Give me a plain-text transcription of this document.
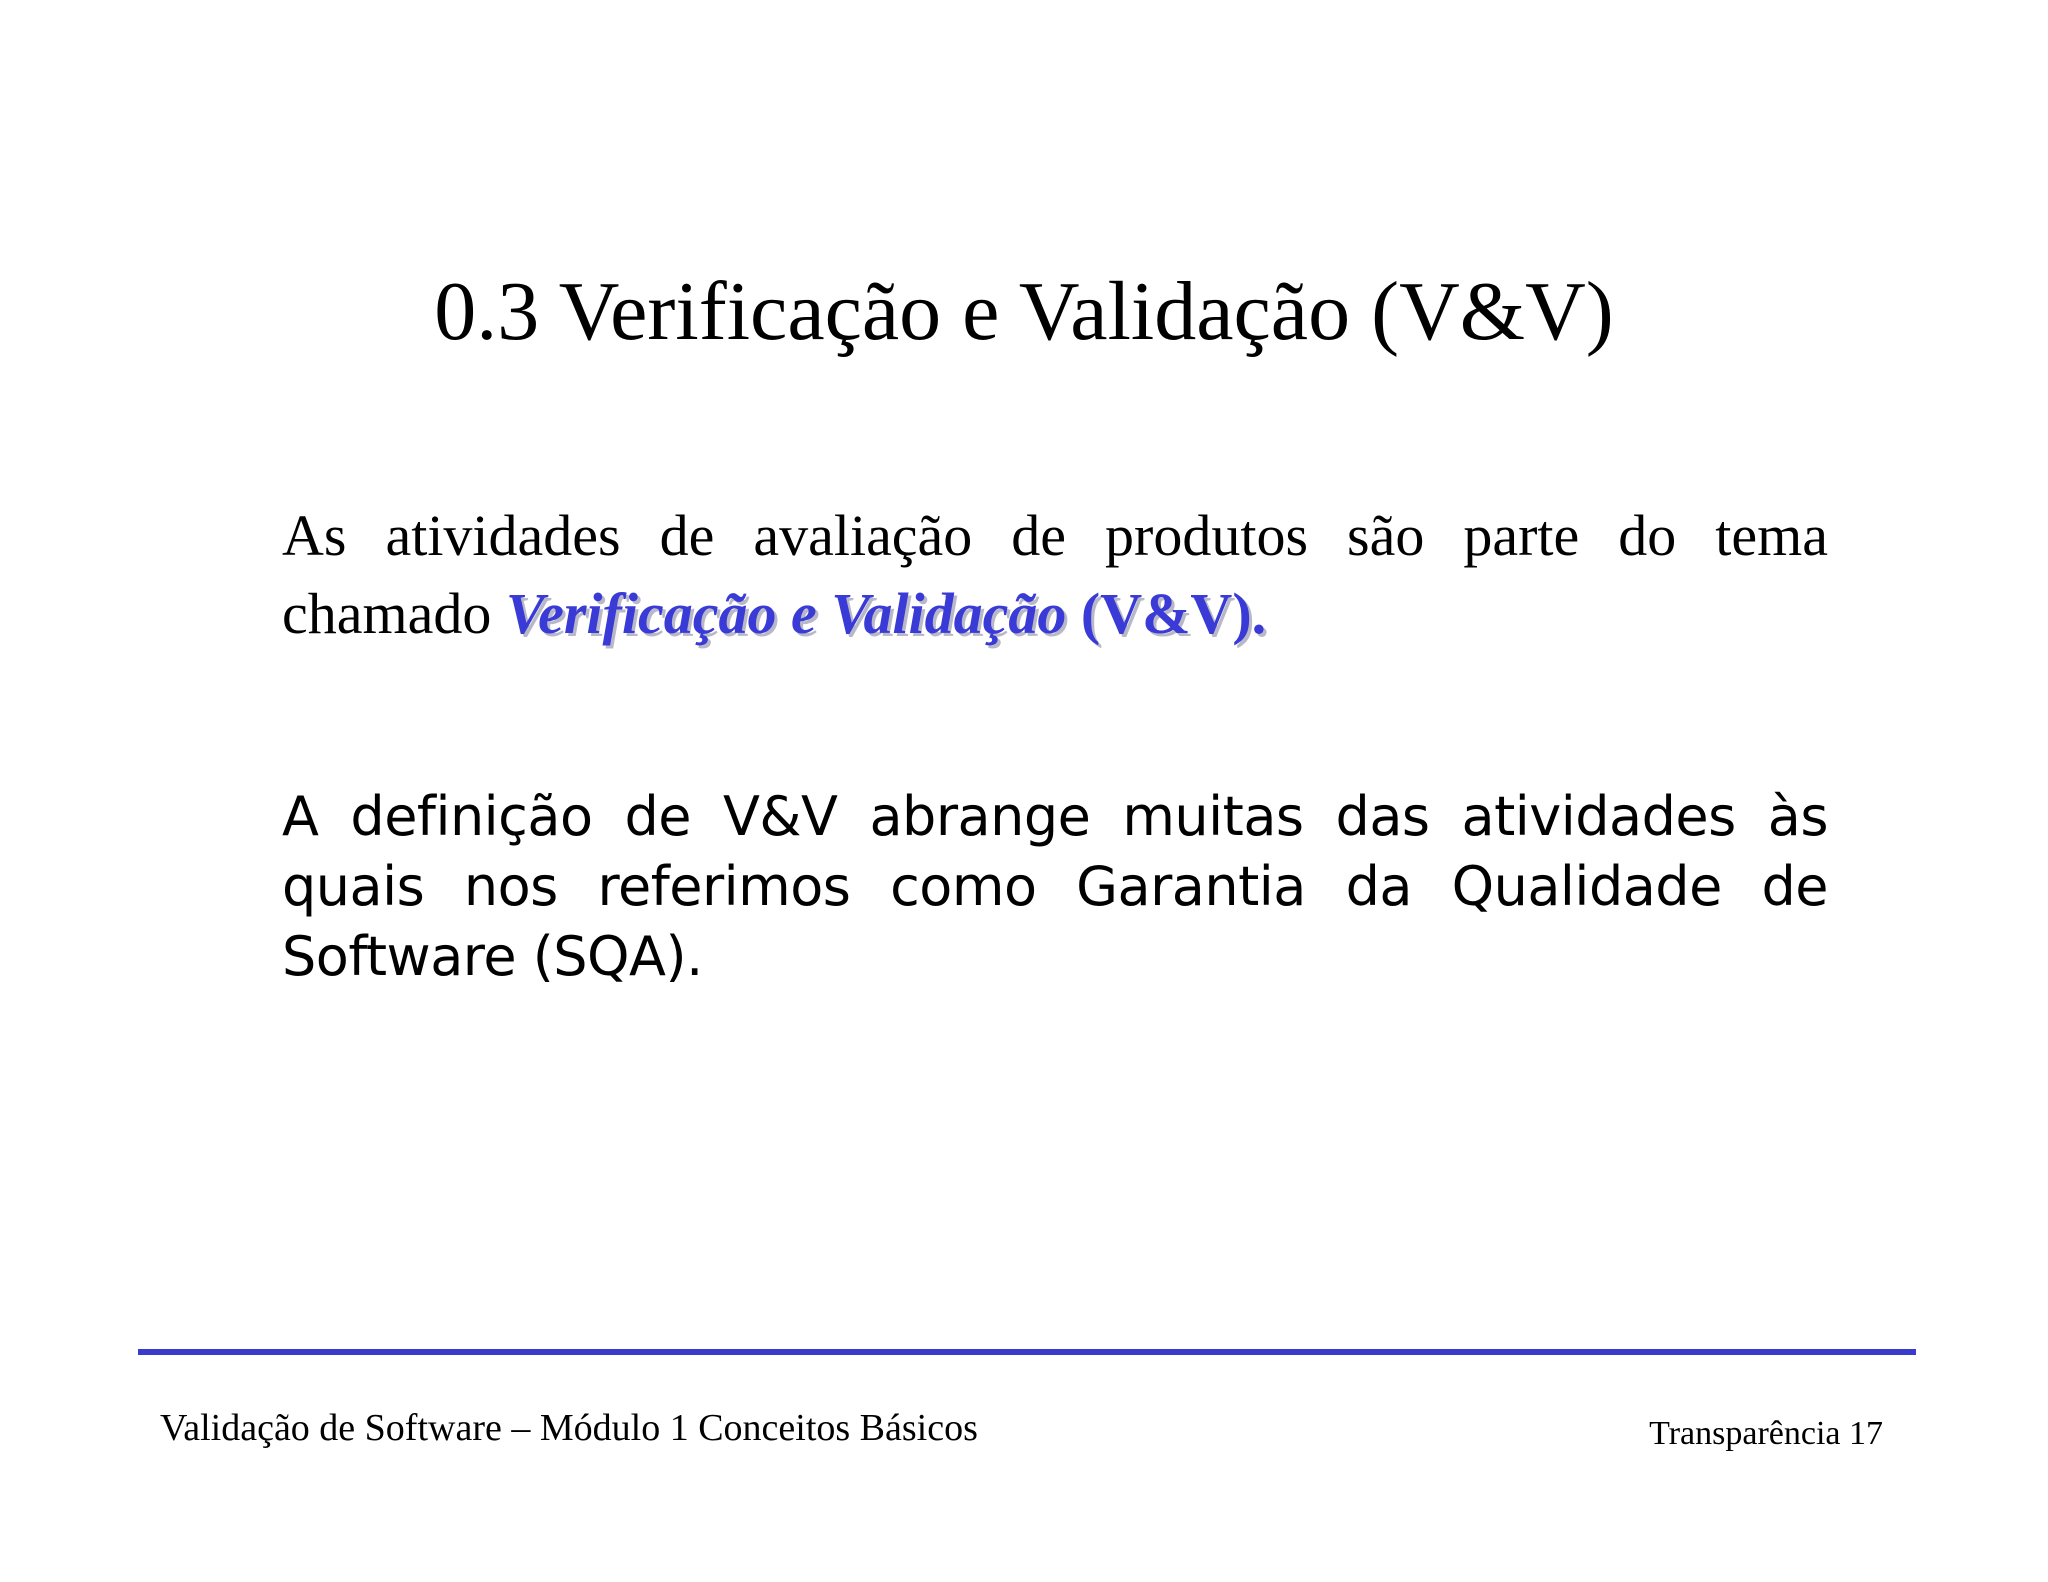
0.3 Verificação e Validação (V&V)
As atividades de avaliação de produtos são parte do tema chamado Verificação e Validação (V&V).
A definição de V&V abrange muitas das atividades às quais nos referimos como Garantia da Qualidade de Software (SQA).
Validação de Software – Módulo 1 Conceitos Básicos	Transparência 17
